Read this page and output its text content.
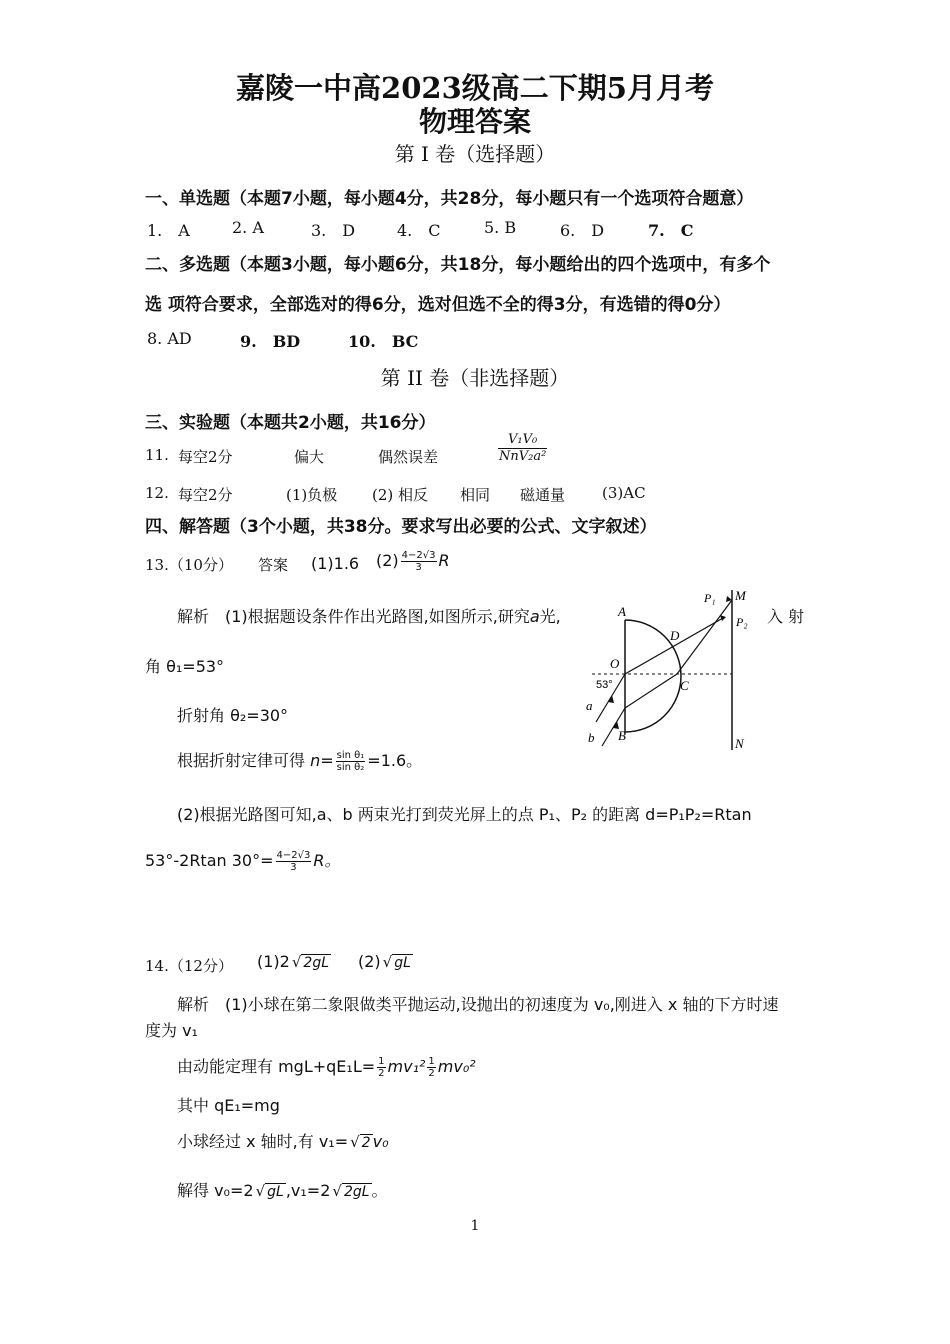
嘉陵一中高2023级高二下期5月月考
物理答案
第 I 卷（选择题）
一、单选题（本题7小题，每小题4分，共28分，每小题只有一个选项符合题意）
1.　A	2. A	3.　D	4.　C	5. B	6.　D	7.　C
二、多选题（本题3小题，每小题6分，共18分，每小题给出的四个选项中，有多个
选 项符合要求，全部选对的得6分，选对但选不全的得3分，有选错的得0分）
8. AD	9.　BD	10.　BC
第 II 卷（非选择题）
三、实验题（本题共2小题，共16分）
11. 每空2分	偏大	偶然误差	$\frac{\text{V₁V₀}}{\text{NnV₂a²}}$
12. 每空2分	(1)负极 (2) 相反 相同 磁通量 (3)AC
四、解答题（3个小题，共38分。要求写出必要的公式、文字叙述）
13.（10分） 答案 (1)1.6 $(2) \frac{4-2√3}{3}$ R
解析　(1)根据题设条件作出光路图,如图所示,研究a光,	入 射
角 θ₁=53°
折射角 θ₂=30°
根据折射定律可得 $n= \frac{\text{sin θ₁}}{\text{sin θ₂}} =1.6$。
(2)根据光路图可知,a、b 两束光打到荧光屏上的点 P₁、P₂ 的距离 d=P₁P₂=Rtan
53°-2Rtan $30^\circ= \frac{4-2√3}{3}$ R。
A
B
C
D
O
M
N
P₁
P₂
a
b
53°
14.（12分） (1)2 √ 2gL (2) √ gL
解析　(1)小球在第二象限做类平抛运动,设抛出的初速度为 v₀,刚进入 x 轴的下方时速
度为 v₁
由动能定理有 $mgL+qE_1L= \frac{1}{2} mv_1^2 \frac{1}{2} mv_0^2$
其中 qE₁=mg
小球经过 x 轴时,有 v₁= √ 2 v₀
解得 v₀=2 √ gL ,v₁=2 √ 2gL 。
1
